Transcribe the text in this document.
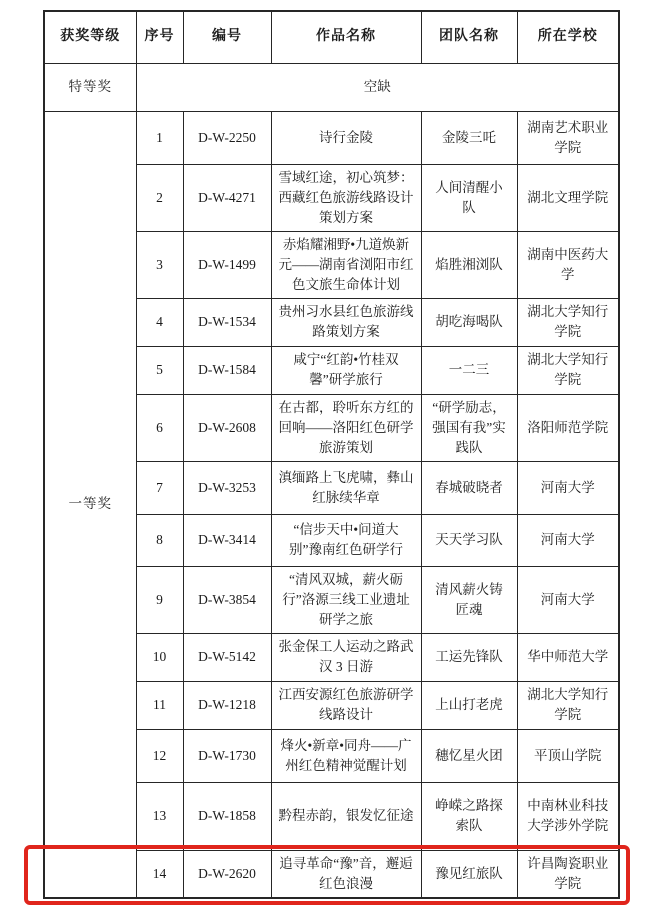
获奖等级	序号	编号	作品名称	团队名称	所在学校
特等奖	空缺				
一等奖	1	D-W-2250	诗行金陵	金陵三吒	湖南艺术职业学院
	2	D-W-4271	雪域红途，初心筑梦：西藏红色旅游线路设计策划方案	人间清醒小队	湖北文理学院
	3	D-W-1499	赤焰耀湘野•九道焕新元——湖南省浏阳市红色文旅生命体计划	焰胜湘浏队	湖南中医药大学
	4	D-W-1534	贵州习水县红色旅游线路策划方案	胡吃海喝队	湖北大学知行学院
	5	D-W-1584	咸宁“红韵•竹桂双馨”研学旅行	一二三	湖北大学知行学院
	6	D-W-2608	在古都，聆听东方红的回响——洛阳红色研学旅游策划	“研学励志，强国有我”实践队	洛阳师范学院
	7	D-W-3253	滇缅路上飞虎啸，彝山红脉续华章	春城破晓者	河南大学
	8	D-W-3414	“信步天中•问道大别”豫南红色研学行	天天学习队	河南大学
	9	D-W-3854	“清风双城，薪火砺行”洛源三线工业遗址研学之旅	清风薪火铸匠魂	河南大学
	10	D-W-5142	张金保工人运动之路武汉 3 日游	工运先锋队	华中师范大学
	11	D-W-1218	江西安源红色旅游研学线路设计	上山打老虎	湖北大学知行学院
	12	D-W-1730	烽火•新章•同舟——广州红色精神觉醒计划	穗忆星火团	平顶山学院
	13	D-W-1858	黔程赤韵，银发忆征途	峥嵘之路探索队	中南林业科技大学涉外学院
	14	D-W-2620	追寻革命“豫”音，邂逅红色浪漫	豫见红旅队	许昌陶瓷职业学院
